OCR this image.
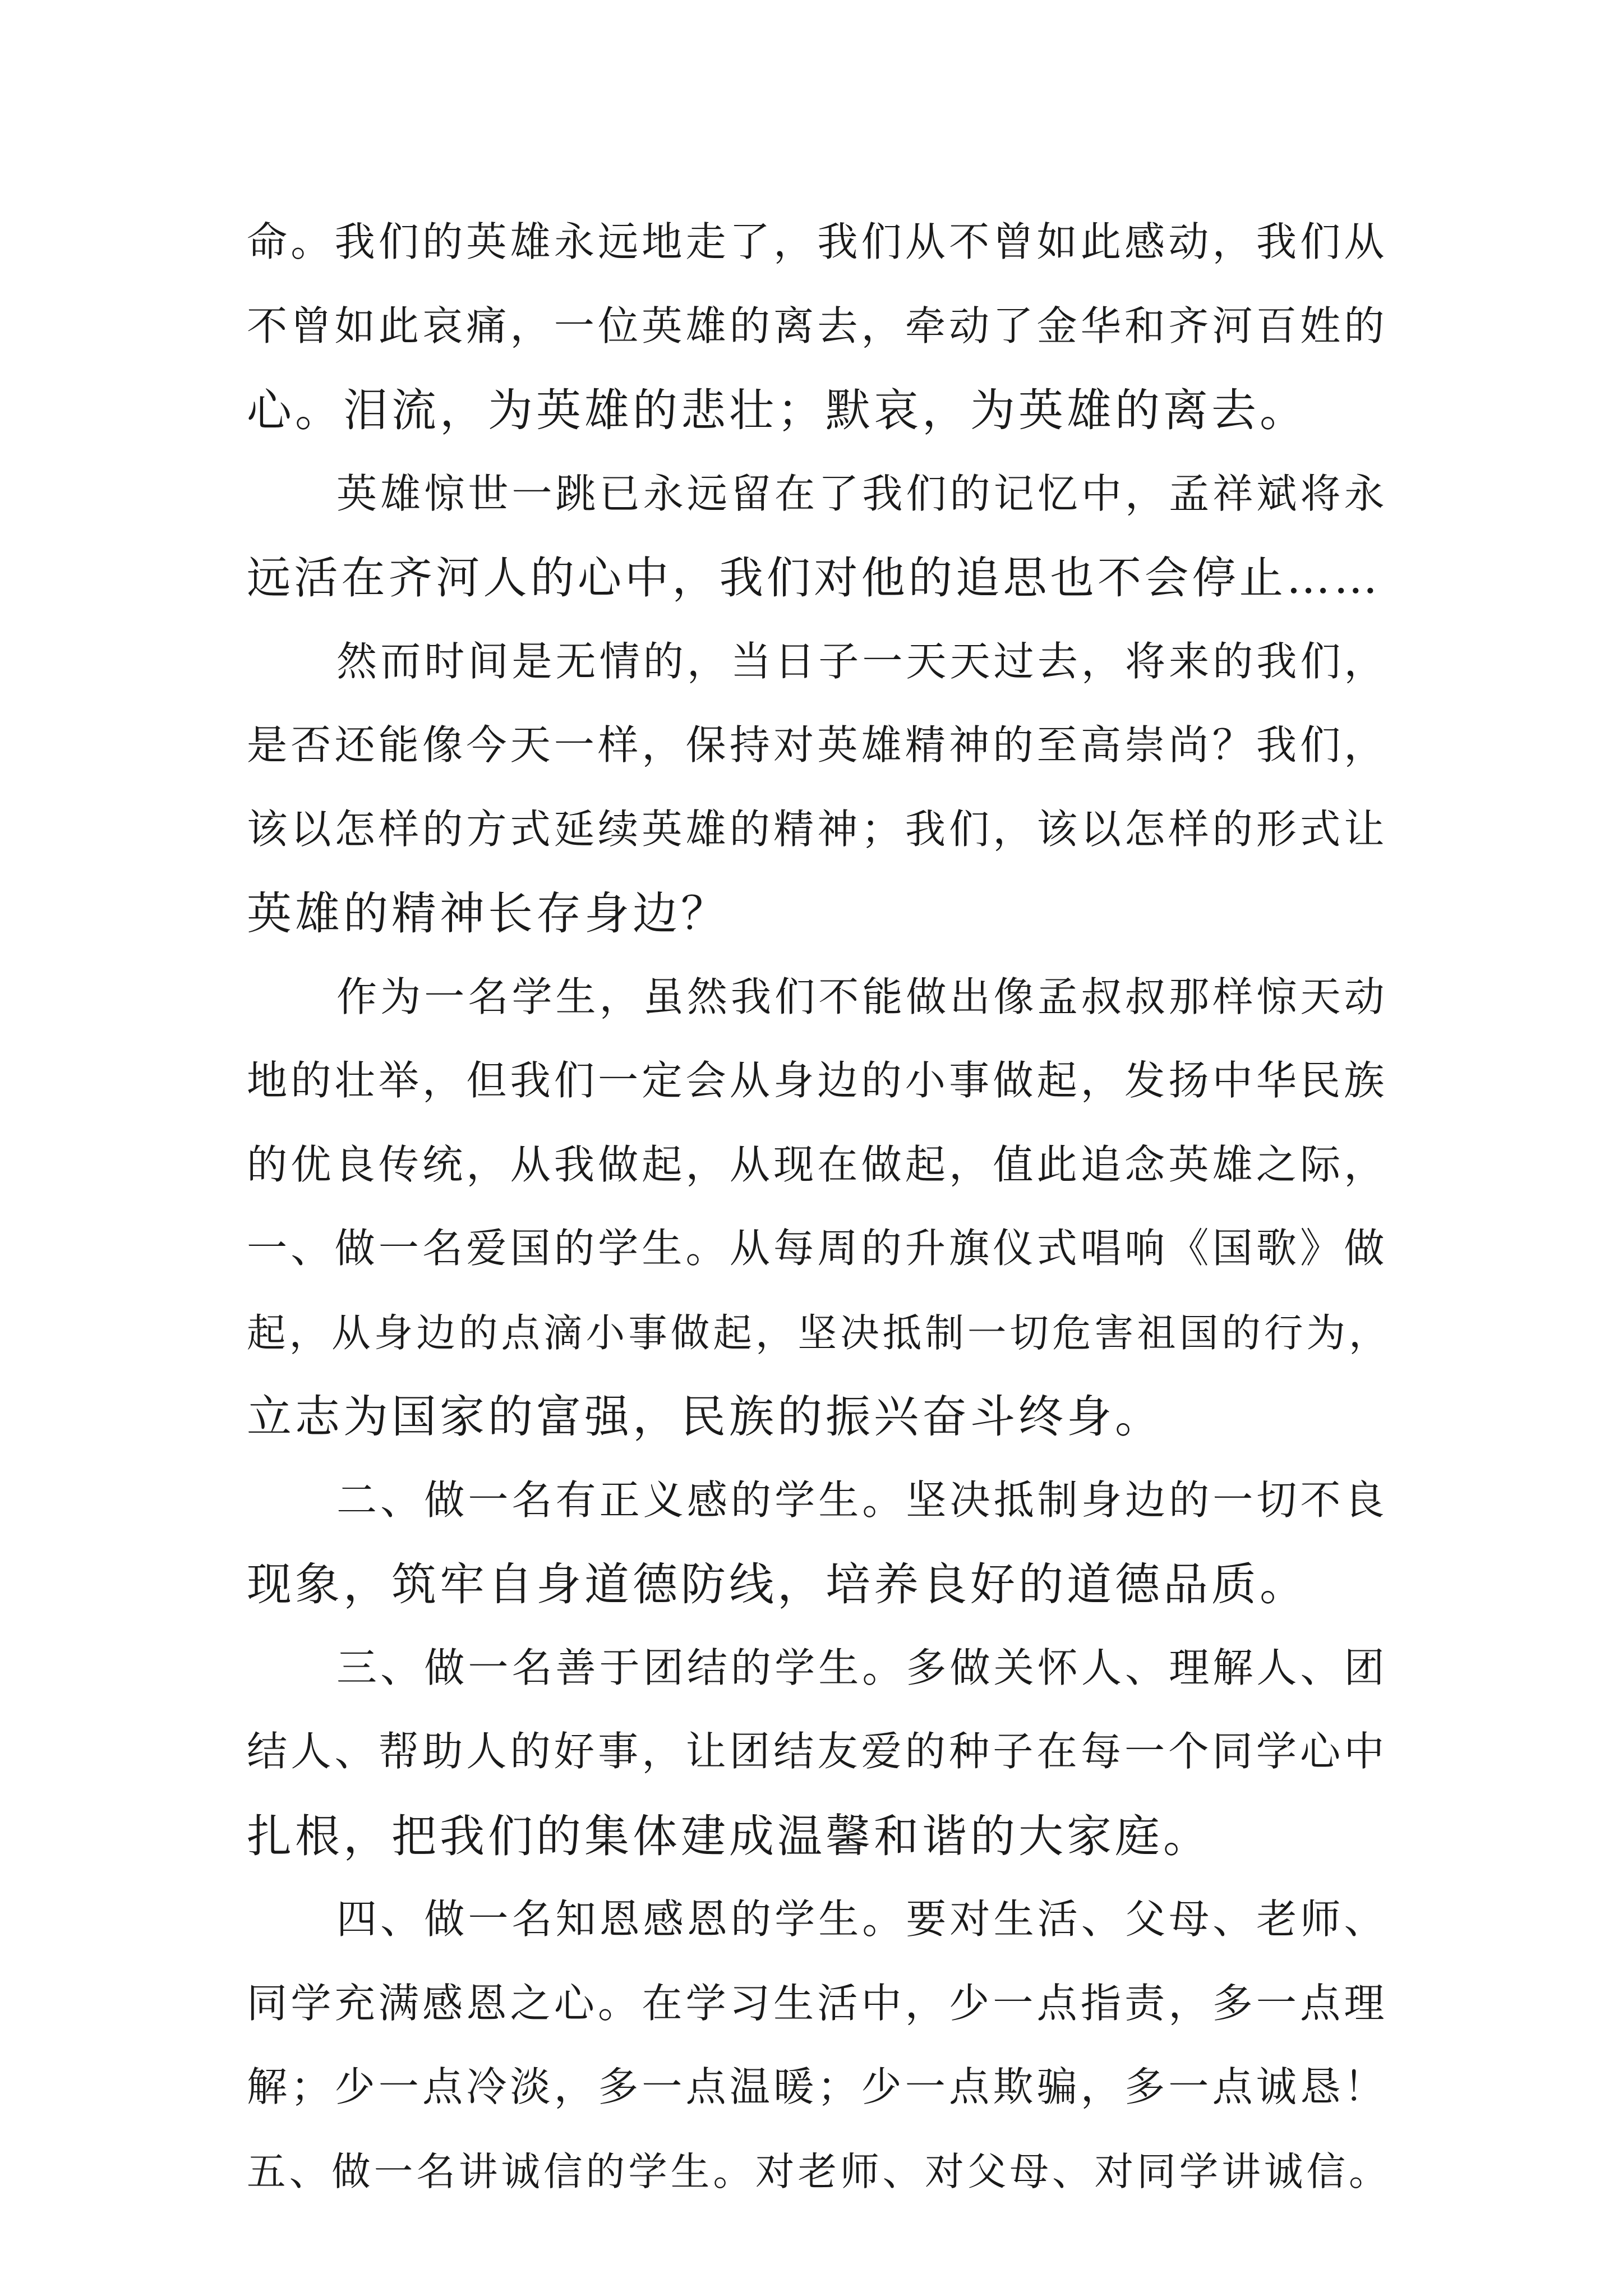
命。我们的英雄永远地走了，我们从不曾如此感动，我们从
不曾如此哀痛，一位英雄的离去，牵动了金华和齐河百姓的
心。泪流，为英雄的悲壮；默哀，为英雄的离去。
英雄惊世一跳已永远留在了我们的记忆中，孟祥斌将永
远活在齐河人的心中，我们对他的追思也不会停止……
然而时间是无情的，当日子一天天过去，将来的我们，
是否还能像今天一样，保持对英雄精神的至高崇尚？我们，
该以怎样的方式延续英雄的精神；我们，该以怎样的形式让
英雄的精神长存身边？
作为一名学生，虽然我们不能做出像孟叔叔那样惊天动
地的壮举，但我们一定会从身边的小事做起，发扬中华民族
的优良传统，从我做起，从现在做起，值此追念英雄之际，
一、做一名爱国的学生。从每周的升旗仪式唱响《国歌》做
起，从身边的点滴小事做起，坚决抵制一切危害祖国的行为，
立志为国家的富强，民族的振兴奋斗终身。
二、做一名有正义感的学生。坚决抵制身边的一切不良
现象，筑牢自身道德防线，培养良好的道德品质。
三、做一名善于团结的学生。多做关怀人、理解人、团
结人、帮助人的好事，让团结友爱的种子在每一个同学心中
扎根，把我们的集体建成温馨和谐的大家庭。
四、做一名知恩感恩的学生。要对生活、父母、老师、
同学充满感恩之心。在学习生活中，少一点指责，多一点理
解；少一点冷淡，多一点温暖；少一点欺骗，多一点诚恳！
五、做一名讲诚信的学生。对老师、对父母、对同学讲诚信。
